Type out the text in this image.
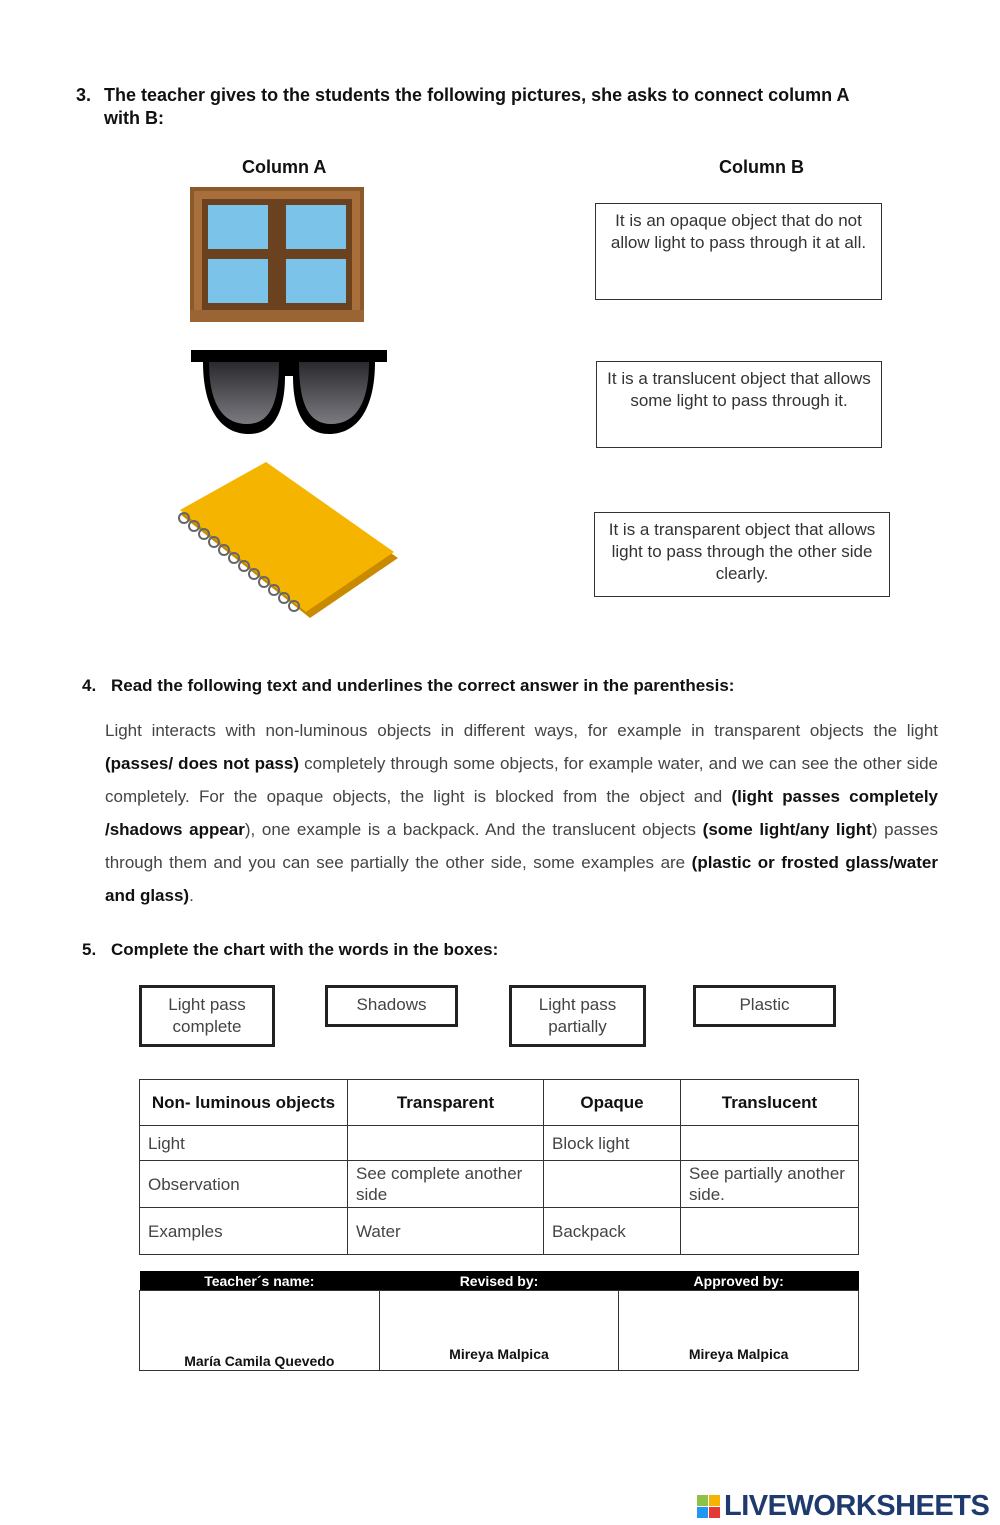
3. The teacher gives to the students the following pictures, she asks to connect column A
with B:
Column A	Column B
It is an opaque object that do not allow light to pass through it at all.
It is a translucent object that allows some light to pass through it.
It is a transparent object that allows light to pass through the other side clearly.
4. Read the following text and underlines the correct answer in the parenthesis:
Light interacts with non-luminous objects in different ways, for example in transparent objects the light (passes/ does not pass) completely through some objects, for example water, and we can see the other side completely. For the opaque objects, the light is blocked from the object and (light passes completely /shadows appear), one example is a backpack. And the translucent objects (some light/any light) passes through them and you can see partially the other side, some examples are (plastic or frosted glass/water and glass).
5. Complete the chart with the words in the boxes:
Light pass complete
Shadows	Light pass partially
Plastic
Non- luminous objects	Transparent	Opaque	Translucent
Light		Block light	
Observation	See complete another side		See partially another side.
Examples	Water	Backpack	
Teacher´s name:	Revised by:	Approved by:
María Camila Quevedo	Mireya Malpica	Mireya Malpica
LIVEWORKSHEETS
